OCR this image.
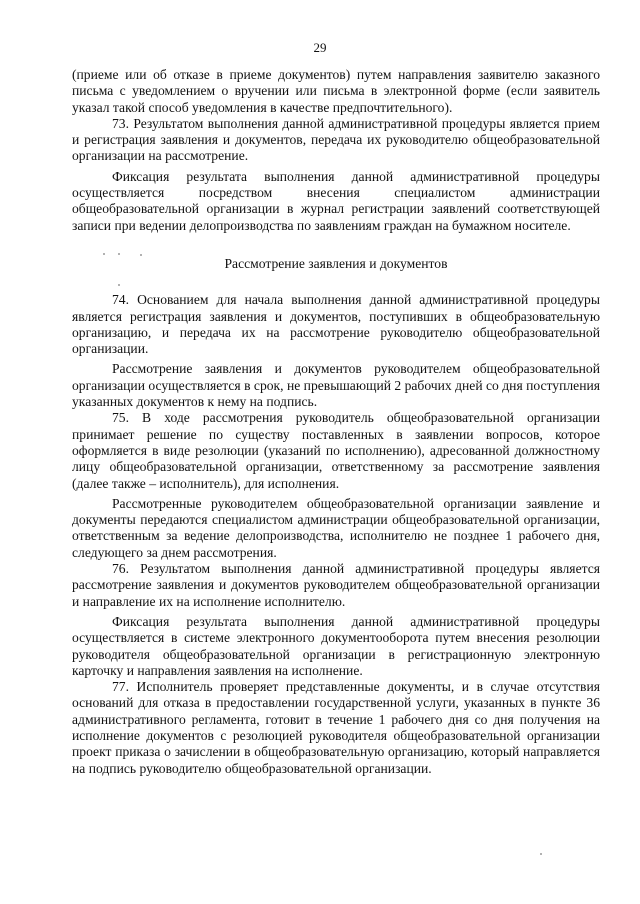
29

(приеме или об отказе в приеме документов) путем направления заявителю заказного письма с уведомлением о вручении или письма в электронной форме (если заявитель указал такой способ уведомления в качестве предпочтительного).

73. Результатом выполнения данной административной процедуры является прием и регистрация заявления и документов, передача их руководителю общеобразовательной организации на рассмотрение.

Фиксация результата выполнения данной административной процедуры осуществляется посредством внесения специалистом администрации общеобразовательной организации в журнал регистрации заявлений соответствующей записи при ведении делопроизводства по заявлениям граждан на бумажном носителе.

Рассмотрение заявления и документов

74. Основанием для начала выполнения данной административной процедуры является регистрация заявления и документов, поступивших в общеобразовательную организацию, и передача их на рассмотрение руководителю общеобразовательной организации.

Рассмотрение заявления и документов руководителем общеобразовательной организации осуществляется в срок, не превышающий 2 рабочих дней со дня поступления указанных документов к нему на подпись.

75. В ходе рассмотрения руководитель общеобразовательной организации принимает решение по существу поставленных в заявлении вопросов, которое оформляется в виде резолюции (указаний по исполнению), адресованной должностному лицу общеобразовательной организации, ответственному за рассмотрение заявления (далее также – исполнитель), для исполнения.

Рассмотренные руководителем общеобразовательной организации заявление и документы передаются специалистом администрации общеобразовательной организации, ответственным за ведение делопроизводства, исполнителю не позднее 1 рабочего дня, следующего за днем рассмотрения.

76. Результатом выполнения данной административной процедуры является рассмотрение заявления и документов руководителем общеобразовательной организации и направление их на исполнение исполнителю.

Фиксация результата выполнения данной административной процедуры осуществляется в системе электронного документооборота путем внесения резолюции руководителя общеобразовательной организации в регистрационную электронную карточку и направления заявления на исполнение.

77. Исполнитель проверяет представленные документы, и в случае отсутствия оснований для отказа в предоставлении государственной услуги, указанных в пункте 36 административного регламента, готовит в течение 1 рабочего дня со дня получения на исполнение документов с резолюцией руководителя общеобразовательной организации проект приказа о зачислении в общеобразовательную организацию, который направляется на подпись руководителю общеобразовательной организации.
